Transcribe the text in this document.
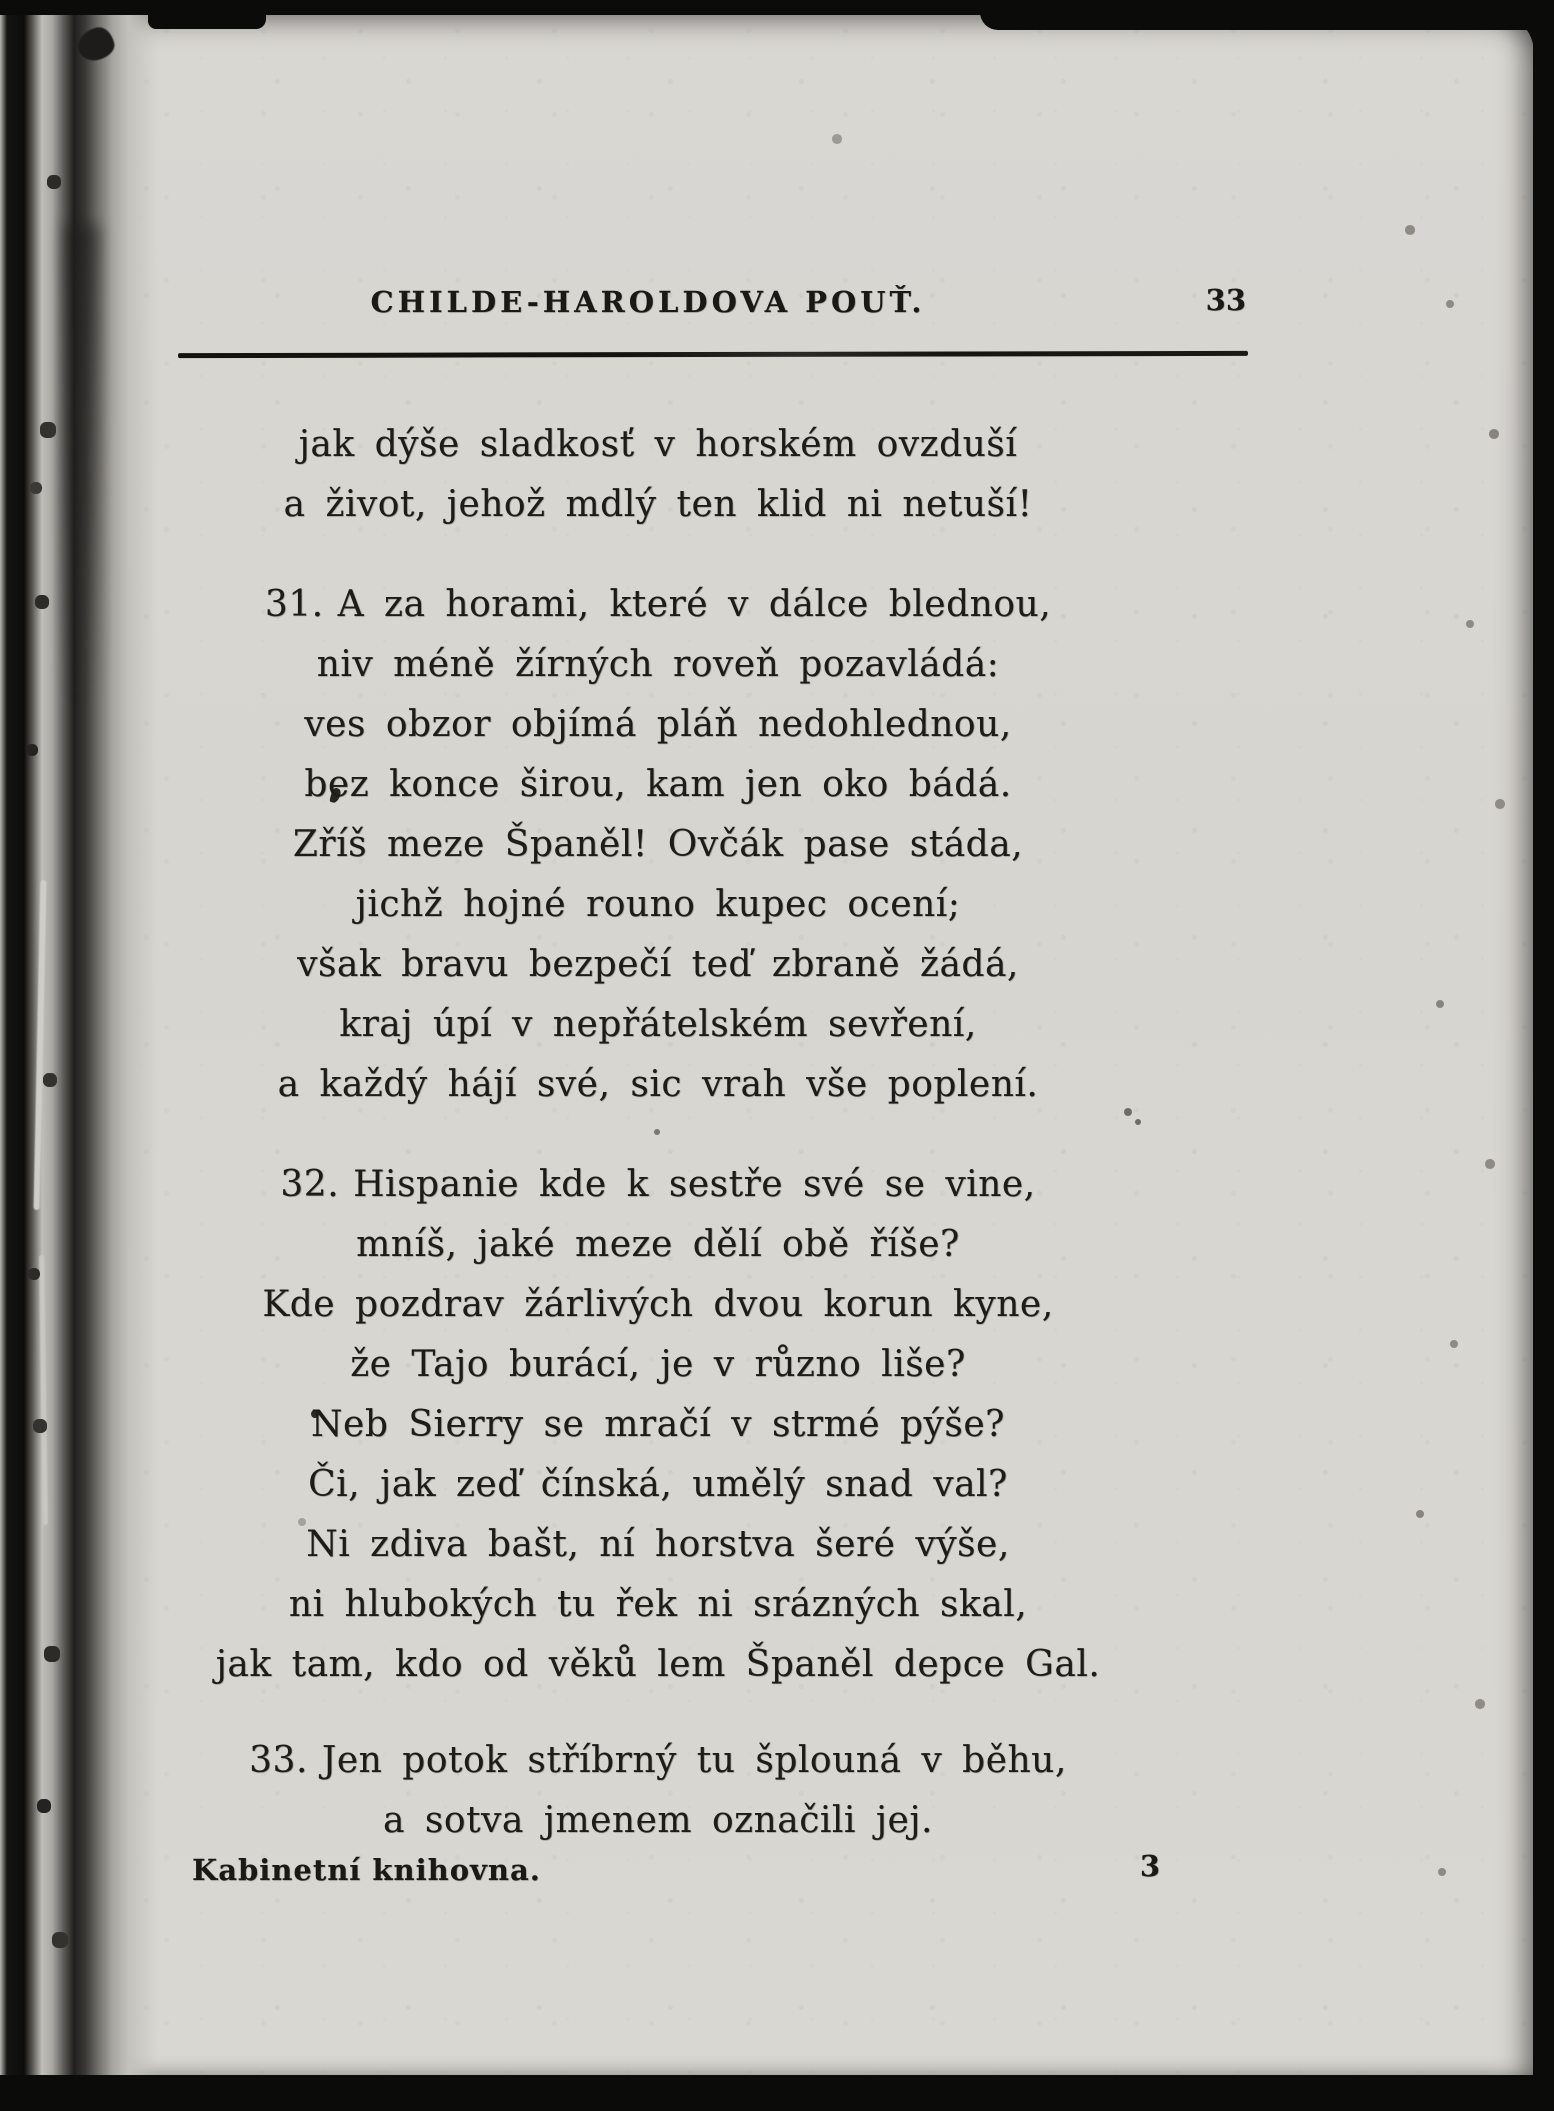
CHILDE-HAROLDOVA POUŤ.	33
jak dýše sladkosť v horském ovzduší
a život, jehož mdlý ten klid ni netuší!
31. A za horami, které v dálce blednou,
niv méně žírných roveň pozavládá:
ves obzor objímá pláň nedohlednou,
bez konce širou, kam jen oko bádá.
Zříš meze Španěl! Ovčák pase stáda,
jichž hojné rouno kupec ocení;
však bravu bezpečí teď zbraně žádá,
kraj úpí v nepřátelském sevření,
a každý hájí své, sic vrah vše poplení.
32. Hispanie kde k sestře své se vine,
mníš, jaké meze dělí obě říše?
Kde pozdrav žárlivých dvou korun kyne,
že Tajo burácí, je v různo liše?
Neb Sierry se mračí v strmé pýše?
Či, jak zeď čínská, umělý snad val?
Ni zdiva bašt, ní horstva šeré výše,
ni hlubokých tu řek ni srázných skal,
jak tam, kdo od věků lem Španěl depce Gal.
33. Jen potok stříbrný tu šplouná v běhu,
a sotva jmenem označili jej.
Kabinetní knihovna.	3
